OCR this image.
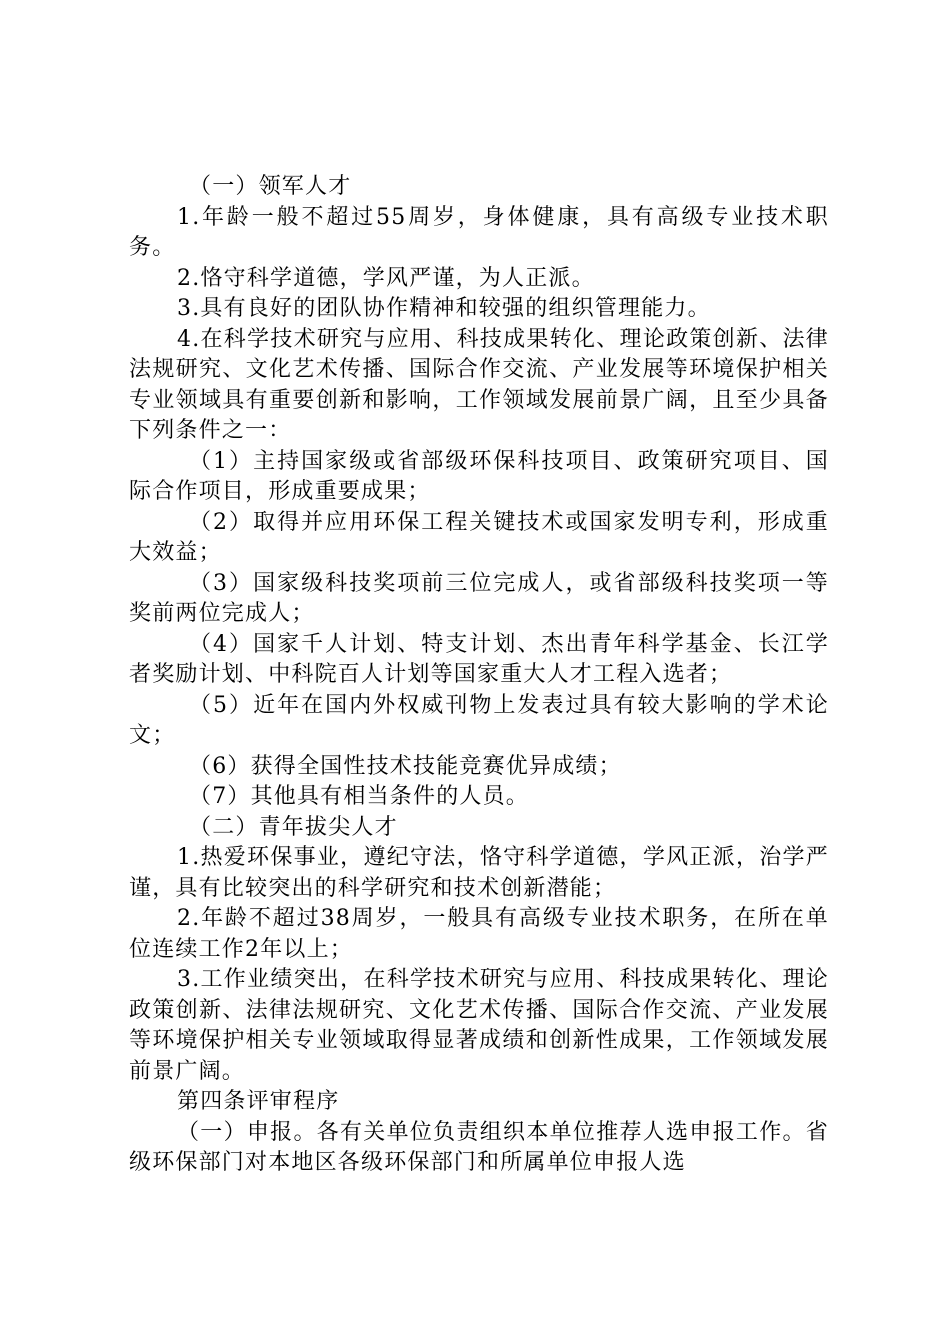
（一）领军人才

1.年龄一般不超过55周岁，身体健康，具有高级专业技术职务。

2.恪守科学道德，学风严谨，为人正派。

3.具有良好的团队协作精神和较强的组织管理能力。

4.在科学技术研究与应用、科技成果转化、理论政策创新、法律法规研究、文化艺术传播、国际合作交流、产业发展等环境保护相关专业领域具有重要创新和影响，工作领域发展前景广阔，且至少具备下列条件之一：

（1）主持国家级或省部级环保科技项目、政策研究项目、国际合作项目，形成重要成果；

（2）取得并应用环保工程关键技术或国家发明专利，形成重大效益；

（3）国家级科技奖项前三位完成人，或省部级科技奖项一等奖前两位完成人；

（4）国家千人计划、特支计划、杰出青年科学基金、长江学者奖励计划、中科院百人计划等国家重大人才工程入选者；

（5）近年在国内外权威刊物上发表过具有较大影响的学术论文；

（6）获得全国性技术技能竞赛优异成绩；

（7）其他具有相当条件的人员。

（二）青年拔尖人才

1.热爱环保事业，遵纪守法，恪守科学道德，学风正派，治学严谨，具有比较突出的科学研究和技术创新潜能；

2.年龄不超过38周岁，一般具有高级专业技术职务，在所在单位连续工作2年以上；

3.工作业绩突出，在科学技术研究与应用、科技成果转化、理论政策创新、法律法规研究、文化艺术传播、国际合作交流、产业发展等环境保护相关专业领域取得显著成绩和创新性成果，工作领域发展前景广阔。

第四条评审程序

（一）申报。各有关单位负责组织本单位推荐人选申报工作。省级环保部门对本地区各级环保部门和所属单位申报人选
